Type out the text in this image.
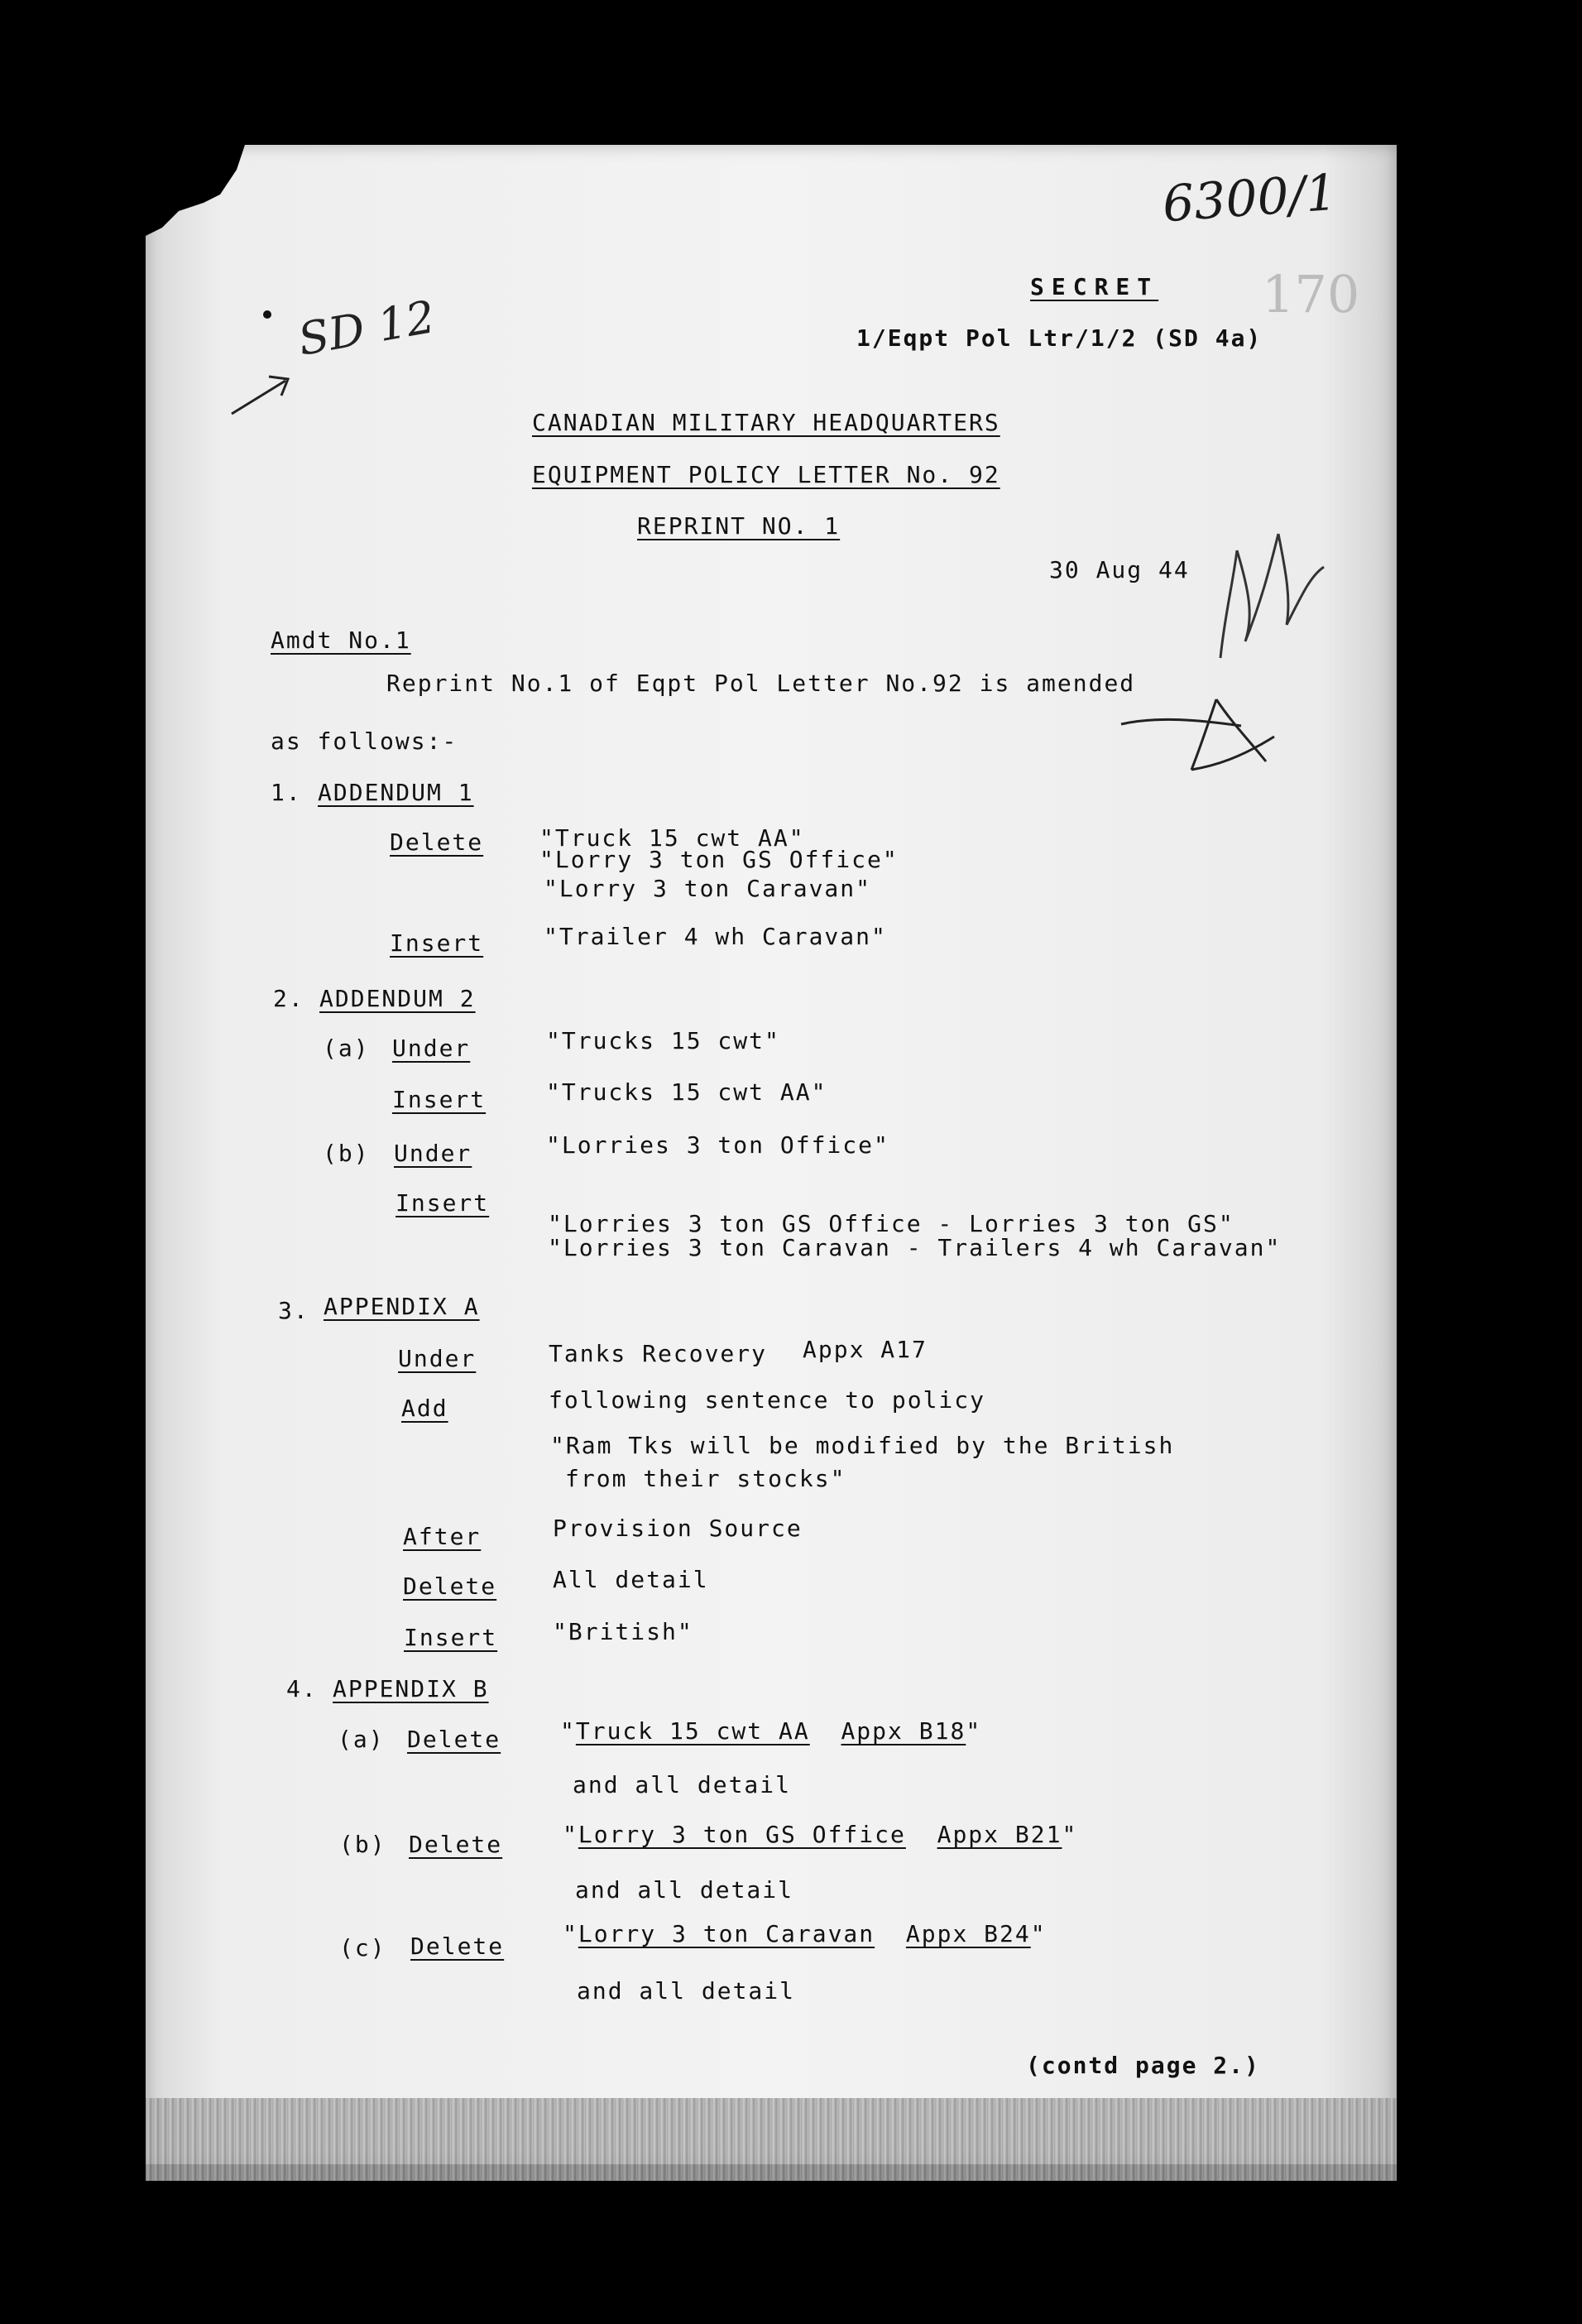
6300/1
SD 12	170
SECRET
1/Eqpt Pol Ltr/1/2 (SD 4a)
CANADIAN MILITARY HEADQUARTERS
EQUIPMENT POLICY LETTER No. 92
REPRINT NO. 1
30 Aug 44
Amdt No.1
Reprint No.1 of Eqpt Pol Letter No.92 is amended
as follows:-
1. ADDENDUM 1
Delete "Truck 15 cwt AA"
"Lorry 3 ton GS Office"
"Lorry 3 ton Caravan"
Insert	"Trailer 4 wh Caravan"
2. ADDENDUM 2
(a) Under	"Trucks 15 cwt"
Insert	"Trucks 15 cwt AA"
(b) Under	"Lorries 3 ton Office"
Insert
"Lorries 3 ton GS Office - Lorries 3 ton GS"
"Lorries 3 ton Caravan - Trailers 4 wh Caravan"
3. APPENDIX A
Under	Tanks Recovery Appx A17
Add	following sentence to policy
"Ram Tks will be modified by the British
from their stocks"
After	Provision Source
Delete All detail
Insert "British"
4. APPENDIX B
(a) Delete	"Truck 15 cwt AA Appx B18"
and all detail
(b) Delete	"Lorry 3 ton GS Office Appx B21"
and all detail
(c) Delete	"Lorry 3 ton Caravan Appx B24"
and all detail
(contd page 2.)
